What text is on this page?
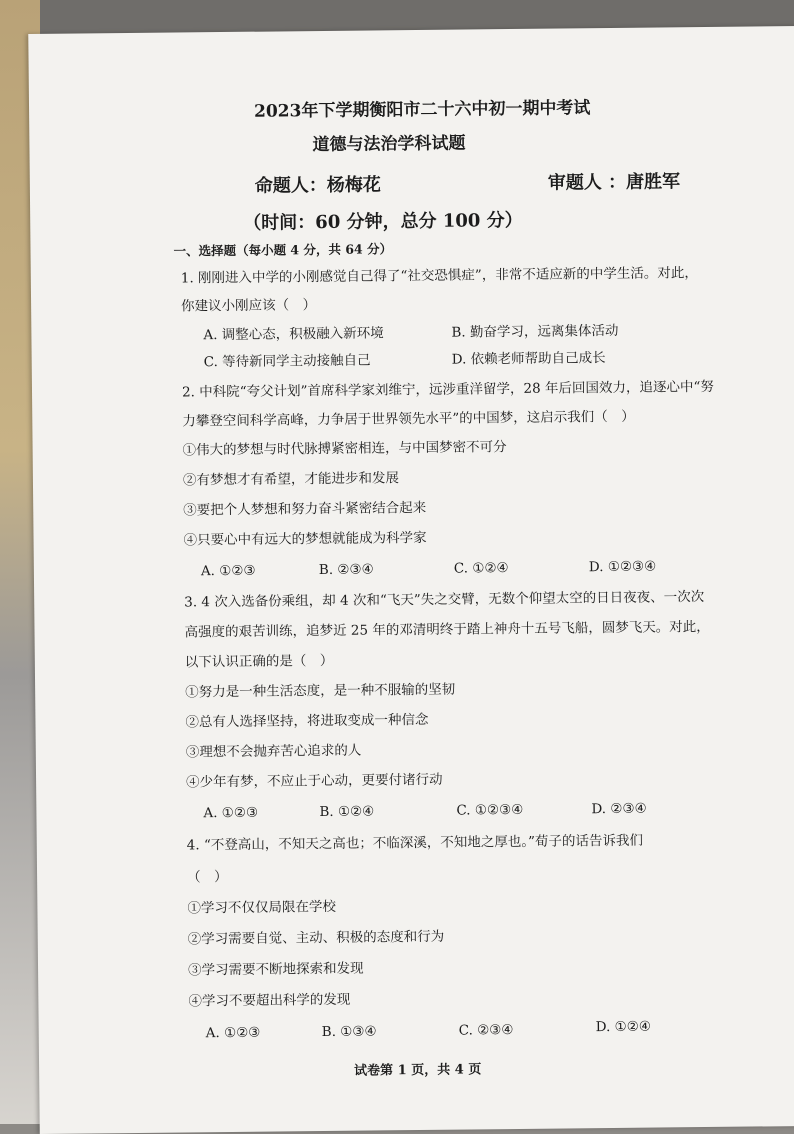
2023年下学期衡阳市二十六中初一期中考试
道德与法治学科试题
命题人：杨梅花	审题人 ：唐胜军
（时间：60 分钟，总分 100 分）
一、选择题（每小题 4 分，共 64 分）
1. 刚刚进入中学的小刚感觉自己得了“社交恐惧症”，非常不适应新的中学生活。对此，
你建议小刚应该（　）
A. 调整心态，积极融入新环境	B. 勤奋学习，远离集体活动
C. 等待新同学主动接触自己	D. 依赖老师帮助自己成长
2. 中科院“夸父计划”首席科学家刘维宁，远涉重洋留学，28 年后回国效力，追逐心中“努
力攀登空间科学高峰，力争居于世界领先水平”的中国梦，这启示我们（　）
①伟大的梦想与时代脉搏紧密相连，与中国梦密不可分
②有梦想才有希望，才能进步和发展
③要把个人梦想和努力奋斗紧密结合起来
④只要心中有远大的梦想就能成为科学家
A. ①②③	B. ②③④	C. ①②④	D. ①②③④
3. 4 次入选备份乘组，却 4 次和“飞天”失之交臂，无数个仰望太空的日日夜夜、一次次
高强度的艰苦训练，追梦近 25 年的邓清明终于踏上神舟十五号飞船，圆梦飞天。对此，
以下认识正确的是（　）
①努力是一种生活态度，是一种不服输的坚韧
②总有人选择坚持，将进取变成一种信念
③理想不会抛弃苦心追求的人
④少年有梦，不应止于心动，更要付诸行动
A. ①②③	B. ①②④	C. ①②③④	D. ②③④
4. “不登高山，不知天之高也；不临深溪，不知地之厚也。”荀子的话告诉我们
（　）
①学习不仅仅局限在学校
②学习需要自觉、主动、积极的态度和行为
③学习需要不断地探索和发现
④学习不要超出科学的发现
A. ①②③	B. ①③④	C. ②③④	D. ①②④
试卷第 1 页，共 4 页
